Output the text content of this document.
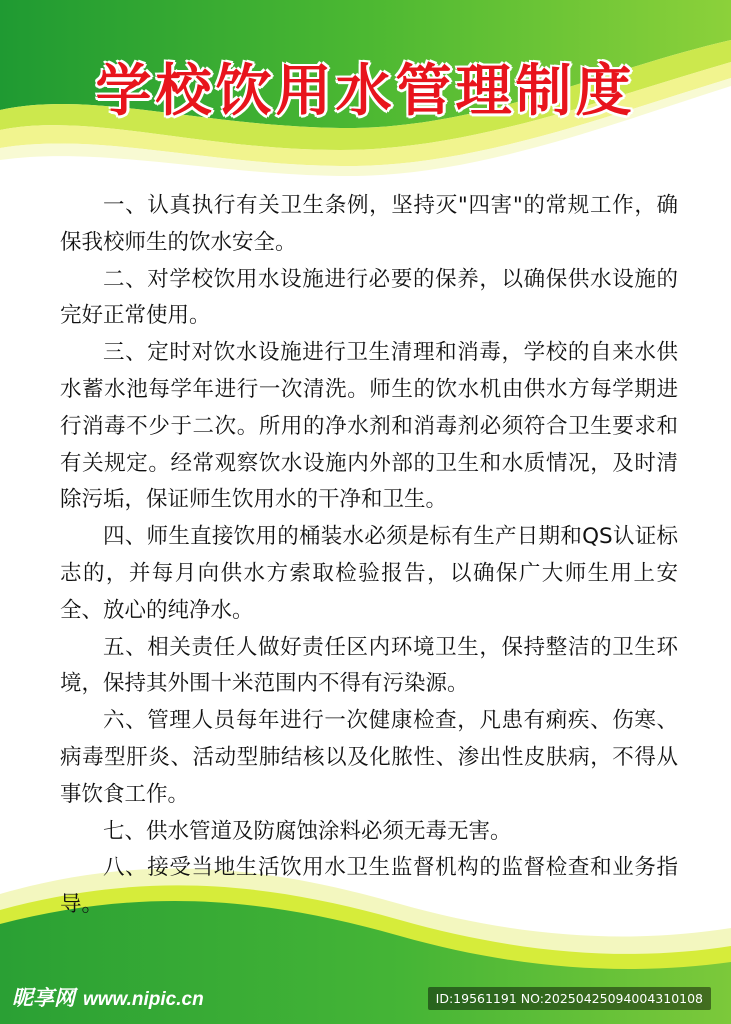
学校饮用水管理制度

一、认真执行有关卫生条例，坚持灭"四害"的常规工作，确保我校师生的饮水安全。

二、对学校饮用水设施进行必要的保养，以确保供水设施的完好正常使用。

三、定时对饮水设施进行卫生清理和消毒，学校的自来水供水蓄水池每学年进行一次清洗。师生的饮水机由供水方每学期进行消毒不少于二次。所用的净水剂和消毒剂必须符合卫生要求和有关规定。经常观察饮水设施内外部的卫生和水质情况，及时清除污垢，保证师生饮用水的干净和卫生。

四、师生直接饮用的桶装水必须是标有生产日期和QS认证标志的，并每月向供水方索取检验报告，以确保广大师生用上安全、放心的纯净水。

五、相关责任人做好责任区内环境卫生，保持整洁的卫生环境，保持其外围十米范围内不得有污染源。

六、管理人员每年进行一次健康检查，凡患有痢疾、伤寒、病毒型肝炎、活动型肺结核以及化脓性、渗出性皮肤病，不得从事饮食工作。

七、供水管道及防腐蚀涂料必须无毒无害。

八、接受当地生活饮用水卫生监督机构的监督检查和业务指导。

昵享网 www.nipic.cn	ID:19561191 NO:20250425094004310108
